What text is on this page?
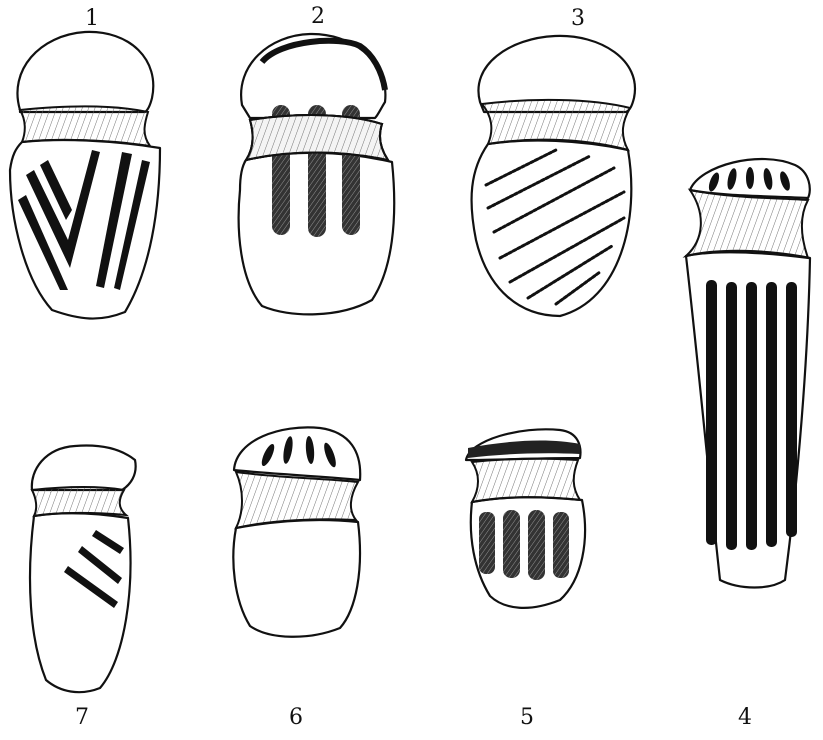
1	2	3
4
5
6
7
